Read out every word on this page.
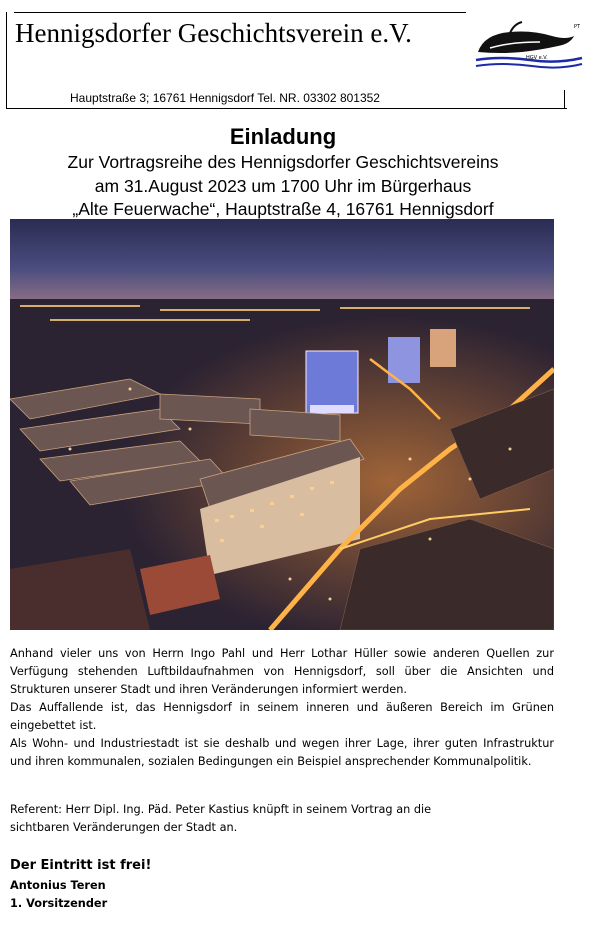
Hennigsdorfer Geschichtsverein e.V.	PT
HGV e.V.
Hauptstraße 3; 16761 Hennigsdorf Tel. NR. 03302 801352
Einladung
Zur Vortragsreihe des Hennigsdorfer Geschichtsvereins
am 31.August 2023 um 1700 Uhr im Bürgerhaus
„Alte Feuerwache“, Hauptstraße 4, 16761 Hennigsdorf

Anhand vieler uns von Herrn Ingo Pahl und Herr Lothar Hüller sowie anderen Quellen zur Verfügung stehenden Luftbildaufnahmen von Hennigsdorf, soll über die Ansichten und Strukturen unserer Stadt und ihren Veränderungen informiert werden.

Das Auffallende ist, das Hennigsdorf in seinem inneren und äußeren Bereich im Grünen eingebettet ist.

Als Wohn- und Industriestadt ist sie deshalb und wegen ihrer Lage, ihrer guten Infrastruktur und ihren kommunalen, sozialen Bedingungen ein Beispiel ansprechender Kommunalpolitik.

Referent: Herr Dipl. Ing. Päd. Peter Kastius knüpft in seinem Vortrag an die

sichtbaren Veränderungen der Stadt an.

Der Eintritt ist frei!
Antonius Teren
1. Vorsitzender
